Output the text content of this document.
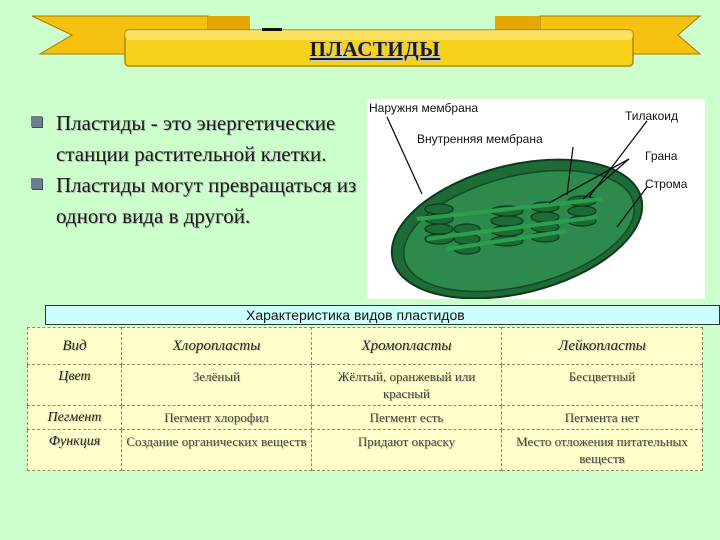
ПЛАСТИДЫ
Пластиды - это энергетические станции растительной клетки.
Пластиды могут превращаться из одного вида в другой.
Наружня мембрана
Внутренняя мембрана
Тилакоид
Грана
Строма
Характеристика видов пластидов
Вид	Хлоропласты	Хромопласты	Лейкопласты
Цвет	Зелёный	Жёлтый, оранжевый или красный	Бесцветный
Пегмент	Пегмент хлорофил	Пегмент есть	Пегмента нет
Функция	Создание органических веществ	Придают окраску	Место отложения питательных веществ
